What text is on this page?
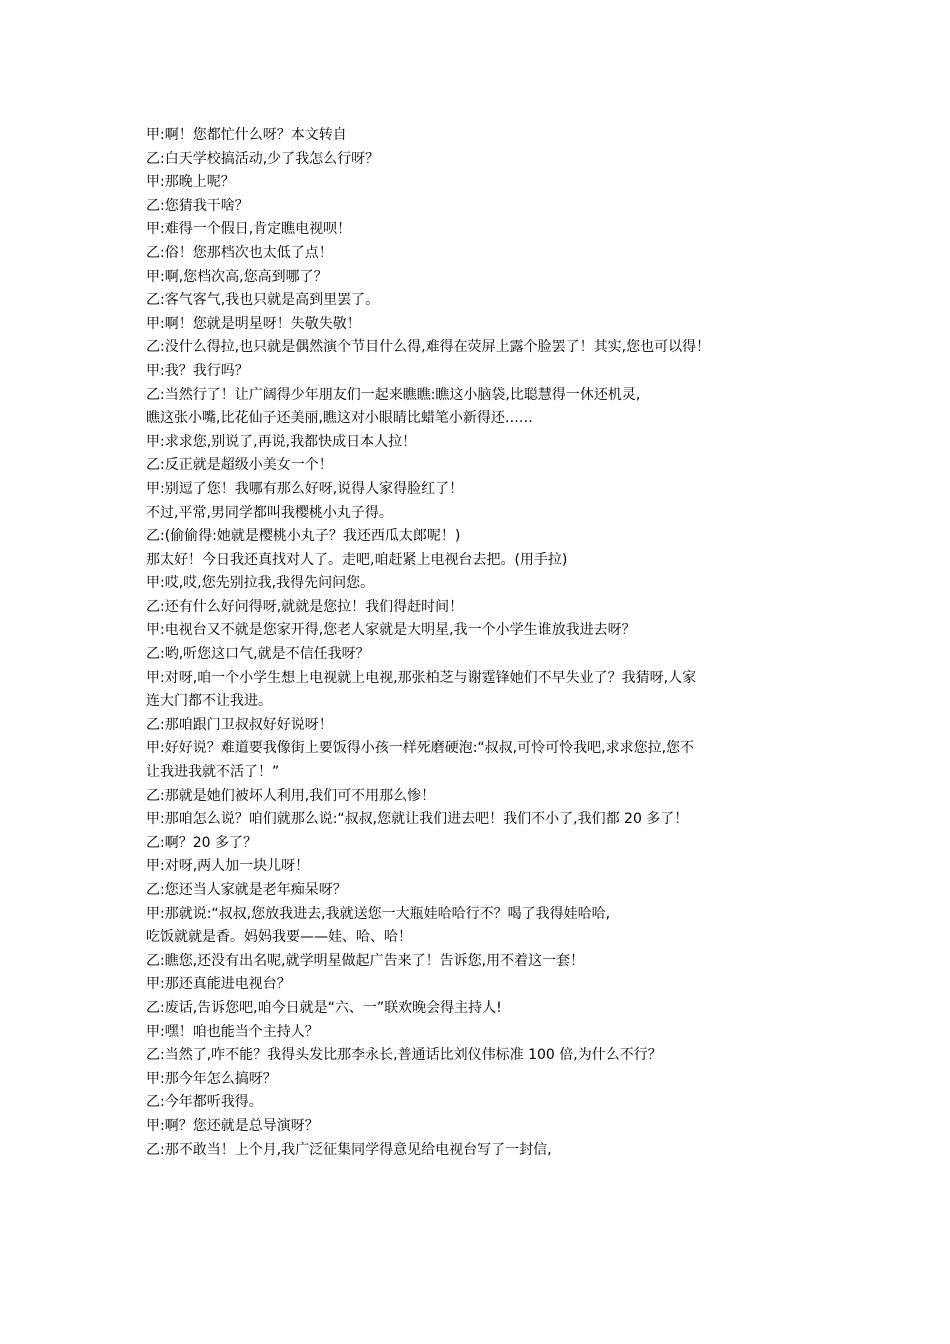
甲:啊！您都忙什么呀？本文转自
乙:白天学校搞活动,少了我怎么行呀？
甲:那晚上呢？
乙:您猜我干啥？
甲:难得一个假日,肯定瞧电视呗！
乙:俗！您那档次也太低了点！
甲:啊,您档次高,您高到哪了？
乙:客气客气,我也只就是高到里罢了。
甲:啊！您就是明星呀！失敬失敬！
乙:没什么得拉,也只就是偶然演个节目什么得,难得在荧屏上露个脸罢了！其实,您也可以得！
甲:我？我行吗？
乙:当然行了！让广阔得少年朋友们一起来瞧瞧:瞧这小脑袋,比聪慧得一休还机灵,
瞧这张小嘴,比花仙子还美丽,瞧这对小眼睛比蜡笔小新得还……
甲:求求您,别说了,再说,我都快成日本人拉！
乙:反正就是超级小美女一个！
甲:别逗了您！我哪有那么好呀,说得人家得脸红了！
不过,平常,男同学都叫我樱桃小丸子得。
乙:(偷偷得:她就是樱桃小丸子？我还西瓜太郎呢！)
那太好！今日我还真找对人了。走吧,咱赶紧上电视台去把。(用手拉)
甲:哎,哎,您先别拉我,我得先问问您。
乙:还有什么好问得呀,就就是您拉！我们得赶时间！
甲:电视台又不就是您家开得,您老人家就是大明星,我一个小学生谁放我进去呀？
乙:哟,听您这口气,就是不信任我呀？
甲:对呀,咱一个小学生想上电视就上电视,那张柏芝与谢霆锋她们不早失业了？我猜呀,人家
连大门都不让我进。
乙:那咱跟门卫叔叔好好说呀！
甲:好好说？难道要我像街上要饭得小孩一样死磨硬泡:“叔叔,可怜可怜我吧,求求您拉,您不
让我进我就不活了！”
乙:那就是她们被坏人利用,我们可不用那么惨！
甲:那咱怎么说？咱们就那么说:“叔叔,您就让我们进去吧！我们不小了,我们都 20 多了！
乙:啊？20 多了？
甲:对呀,两人加一块儿呀！
乙:您还当人家就是老年痴呆呀？
甲:那就说:“叔叔,您放我进去,我就送您一大瓶娃哈哈行不？喝了我得娃哈哈,
吃饭就就是香。妈妈我要——娃、哈、哈！
乙:瞧您,还没有出名呢,就学明星做起广告来了！告诉您,用不着这一套！
甲:那还真能进电视台？
乙:废话,告诉您吧,咱今日就是“六、一”联欢晚会得主持人!
甲:嘿！咱也能当个主持人？
乙:当然了,咋不能？我得头发比那李永长,普通话比刘仪伟标准 100 倍,为什么不行？
甲:那今年怎么搞呀？
乙:今年都听我得。
甲:啊？您还就是总导演呀？
乙:那不敢当！上个月,我广泛征集同学得意见给电视台写了一封信,
